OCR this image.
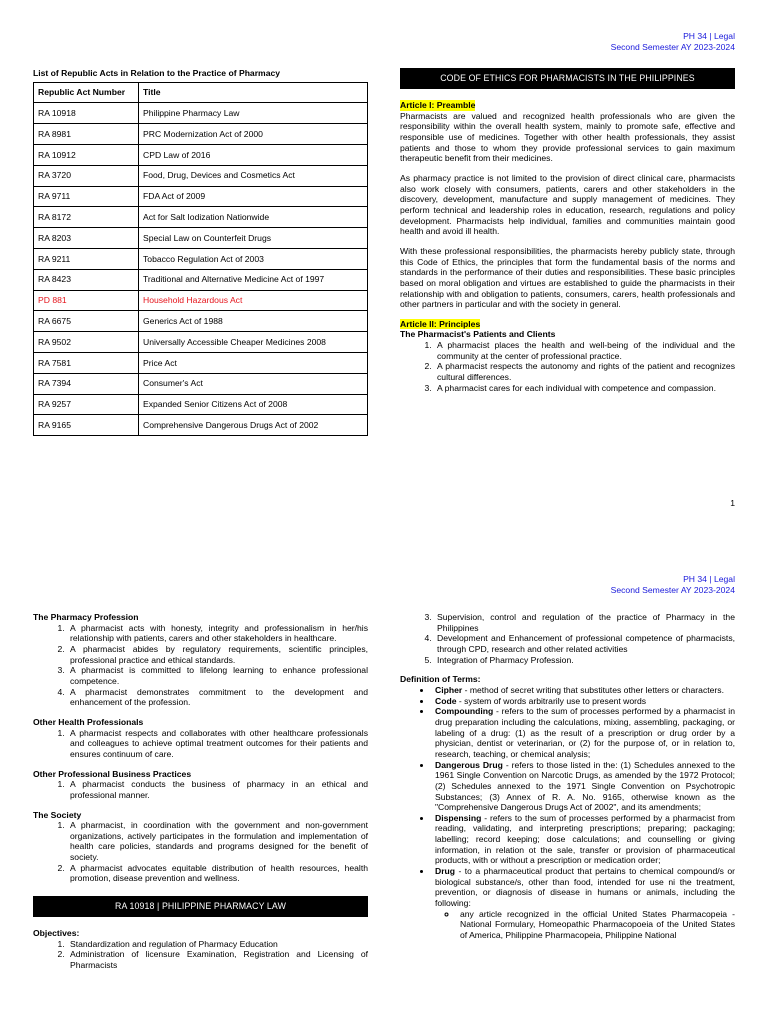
PH 34 | Legal
Second Semester AY 2023-2024
List of Republic Acts in Relation to the Practice of Pharmacy
Republic Act Number	Title
RA 10918	Philippine Pharmacy Law
RA 8981	PRC Modernization Act of 2000
RA 10912	CPD Law of 2016
RA 3720	Food, Drug, Devices and Cosmetics Act
RA 9711	FDA Act of 2009
RA 8172	Act for Salt Iodization Nationwide
RA 8203	Special Law on Counterfeit Drugs
RA 9211	Tobacco Regulation Act of 2003
RA 8423	Traditional and Alternative Medicine Act of 1997
PD 881	Household Hazardous Act
RA 6675	Generics Act of 1988
RA 9502	Universally Accessible Cheaper Medicines 2008
RA 7581	Price Act
RA 7394	Consumer's Act
RA 9257	Expanded Senior Citizens Act of 2008
RA 9165	Comprehensive Dangerous Drugs Act of 2002
CODE OF ETHICS FOR PHARMACISTS IN THE PHILIPPINES
Article I: Preamble

Pharmacists are valued and recognized health professionals who are given the responsibility within the overall health system, mainly to promote safe, effective and responsible use of medicines. Together with other health professionals, they assist patients and those to whom they provide professional services to gain maximum therapeutic benefit from their medicines.

As pharmacy practice is not limited to the provision of direct clinical care, pharmacists also work closely with consumers, patients, carers and other stakeholders in the discovery, development, manufacture and supply management of medicines. They perform technical and leadership roles in education, research, regulations and policy development. Pharmacists help individual, families and communities maintain good health and avoid ill health.

With these professional responsibilities, the pharmacists hereby publicly state, through this Code of Ethics, the principles that form the fundamental basis of the norms and standards in the performance of their duties and responsibilities. These basic principles based on moral obligation and virtues are established to guide the pharmacists in their relationship with and obligation to patients, consumers, carers, health professionals and other partners in particular and with the society in general.

Article II: Principles
The Pharmacist's Patients and Clients
1. A pharmacist places the health and well-being of the individual and the community at the center of professional practice.
2. A pharmacist respects the autonomy and rights of the patient and recognizes cultural differences.
3. A pharmacist cares for each individual with competence and compassion.
1
PH 34 | Legal
Second Semester AY 2023-2024
The Pharmacy Profession
1. A pharmacist acts with honesty, integrity and professionalism in her/his relationship with patients, carers and other stakeholders in healthcare.
2. A pharmacist abides by regulatory requirements, scientific principles, professional practice and ethical standards.
3. A pharmacist is committed to lifelong learning to enhance professional competence.
4. A pharmacist demonstrates commitment to the development and enhancement of the profession.
Other Health Professionals
1. A pharmacist respects and collaborates with other healthcare professionals and colleagues to achieve optimal treatment outcomes for their patients and ensures continuum of care.
Other Professional Business Practices
1. A pharmacist conducts the business of pharmacy in an ethical and professional manner.
The Society
1. A pharmacist, in coordination with the government and non-government organizations, actively participates in the formulation and implementation of health care policies, standards and programs designed for the benefit of society.
2. A pharmacist advocates equitable distribution of health resources, health promotion, disease prevention and wellness.
RA 10918 | PHILIPPINE PHARMACY LAW
Objectives:
1. Standardization and regulation of Pharmacy Education
2. Administration of licensure Examination, Registration and Licensing of Pharmacists
3. Supervision, control and regulation of the practice of Pharmacy in the Philippines
4. Development and Enhancement of professional competence of pharmacists, through CPD, research and other related activities
5. Integration of Pharmacy Profession.
Definition of Terms:
• Cipher - method of secret writing that substitutes other letters or characters.
• Code - system of words arbitrarily use to present words
• Compounding - refers to the sum of processes performed by a pharmacist in drug preparation including the calculations, mixing, assembling, packaging, or labeling of a drug: (1) as the result of a prescription or drug order by a physician, dentist or veterinarian, or (2) for the purpose of, or in relation to, research, teaching, or chemical analysis;
• Dangerous Drug - refers to those listed in the: (1) Schedules annexed to the 1961 Single Convention on Narcotic Drugs, as amended by the 1972 Protocol; (2) Schedules annexed to the 1971 Single Convention on Psychotropic Substances; (3) Annex of R. A. No. 9165, otherwise known as the "Comprehensive Dangerous Drugs Act of 2002", and its amendments;
• Dispensing - refers to the sum of processes performed by a pharmacist from reading, validating, and interpreting prescriptions; preparing; packaging; labelling; record keeping; dose calculations; and counselling or giving information, in relation ot the sale, transfer or provision of pharmaceutical products, with or without a prescription or medication order;
• Drug - to a pharmaceutical product that pertains to chemical compound/s or biological substance/s, other than food, intended for use ni the treatment, prevention, or diagnosis of disease in humans or animals, including the following:
◦ any article recognized in the official United States Pharmacopeia - National Formulary, Homeopathic Pharmacopoeia of the United States of America, Philippine Pharmacopeia, Philippine National
